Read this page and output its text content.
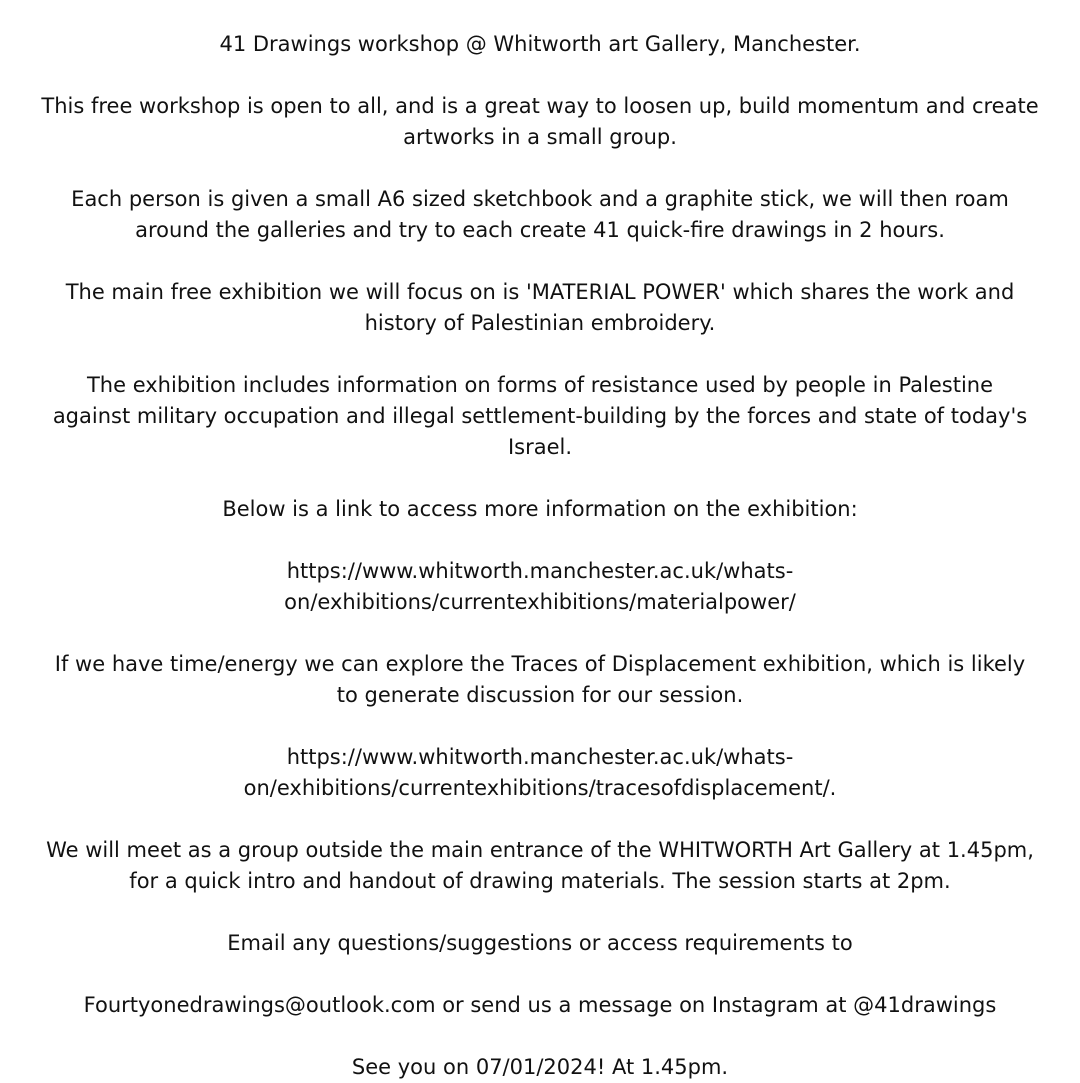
41 Drawings workshop @ Whitworth art Gallery, Manchester.

This free workshop is open to all, and is a great way to loosen up, build momentum and create
artworks in a small group.

Each person is given a small A6 sized sketchbook and a graphite stick, we will then roam
around the galleries and try to each create 41 quick-fire drawings in 2 hours.

The main free exhibition we will focus on is 'MATERIAL POWER' which shares the work and
history of Palestinian embroidery.

The exhibition includes information on forms of resistance used by people in Palestine
against military occupation and illegal settlement-building by the forces and state of today's
Israel.

Below is a link to access more information on the exhibition:

https://www.whitworth.manchester.ac.uk/whats-
on/exhibitions/currentexhibitions/materialpower/

If we have time/energy we can explore the Traces of Displacement exhibition, which is likely
to generate discussion for our session.

https://www.whitworth.manchester.ac.uk/whats-
on/exhibitions/currentexhibitions/tracesofdisplacement/.

We will meet as a group outside the main entrance of the WHITWORTH Art Gallery at 1.45pm,
for a quick intro and handout of drawing materials. The session starts at 2pm.

Email any questions/suggestions or access requirements to

Fourtyonedrawings@outlook.com or send us a message on Instagram at @41drawings

See you on 07/01/2024! At 1.45pm.
